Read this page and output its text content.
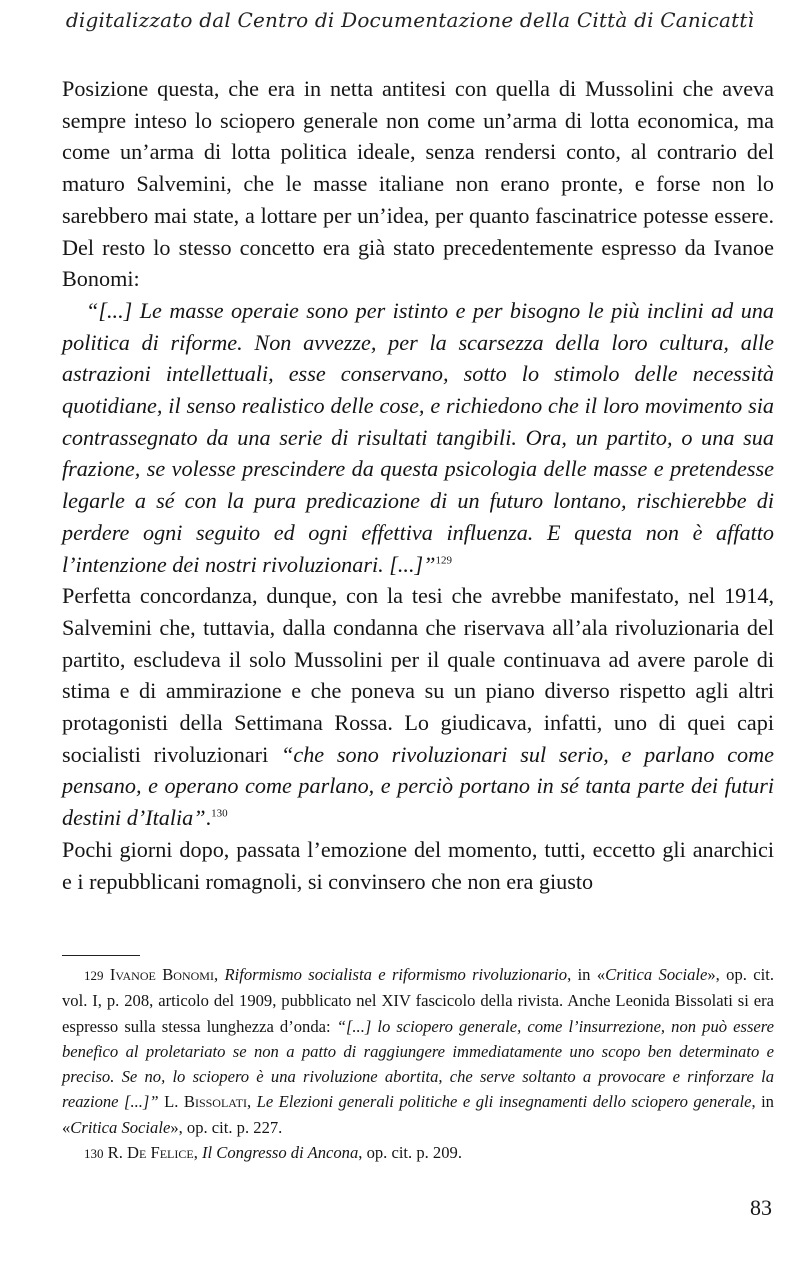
digitalizzato dal Centro di Documentazione della Città di Canicattì

Posizione questa, che era in netta antitesi con quella di Mussolini che aveva sempre inteso lo sciopero generale non come un’arma di lotta economica, ma come un’arma di lotta politica ideale, senza rendersi conto, al contrario del maturo Salvemini, che le masse italiane non erano pronte, e forse non lo sarebbero mai state, a lottare per un’idea, per quanto fascinatrice potesse essere. Del resto lo stesso concetto era già stato precedentemente espresso da Ivanoe Bonomi:

“[...] Le masse operaie sono per istinto e per bisogno le più inclini ad una politica di riforme. Non avvezze, per la scarsezza della loro cultura, alle astrazioni intellettuali, esse conservano, sotto lo stimolo delle necessità quotidiane, il senso realistico delle cose, e richiedono che il loro movimento sia contrassegnato da una serie di risultati tangibili. Ora, un partito, o una sua frazione, se volesse prescindere da questa psicologia delle masse e pretendesse legarle a sé con la pura predicazione di un futuro lontano, rischierebbe di perdere ogni seguito ed ogni effettiva influenza. E questa non è affatto l’intenzione dei nostri rivoluzionari. [...]”$^{129}$

Perfetta concordanza, dunque, con la tesi che avrebbe manifestato, nel 1914, Salvemini che, tuttavia, dalla condanna che riservava all’ala rivoluzionaria del partito, escludeva il solo Mussolini per il quale continuava ad avere parole di stima e di ammirazione e che poneva su un piano diverso rispetto agli altri protagonisti della Settimana Rossa. Lo giudicava, infatti, uno di quei capi socialisti rivoluzionari “che sono rivoluzionari sul serio, e parlano come pensano, e operano come parlano, e perciò portano in sé tanta parte dei futuri destini d’Italia”.$^{130}$

Pochi giorni dopo, passata l’emozione del momento, tutti, eccetto gli anarchici e i repubblicani romagnoli, si convinsero che non era giusto

129 Ivanoe Bonomi, Riformismo socialista e riformismo rivoluzionario, in «Critica Sociale», op. cit. vol. I, p. 208, articolo del 1909, pubblicato nel XIV fascicolo della rivista. Anche Leonida Bissolati si era espresso sulla stessa lunghezza d’onda: “[...] lo sciopero generale, come l’insurrezione, non può essere benefico al proletariato se non a patto di raggiungere immediatamente uno scopo ben determinato e preciso. Se no, lo sciopero è una rivoluzione abortita, che serve soltanto a provocare e rinforzare la reazione [...]” L. Bissolati, Le Elezioni generali politiche e gli insegnamenti dello sciopero generale, in «Critica Sociale», op. cit. p. 227.

130 R. De Felice, Il Congresso di Ancona, op. cit. p. 209.

83
